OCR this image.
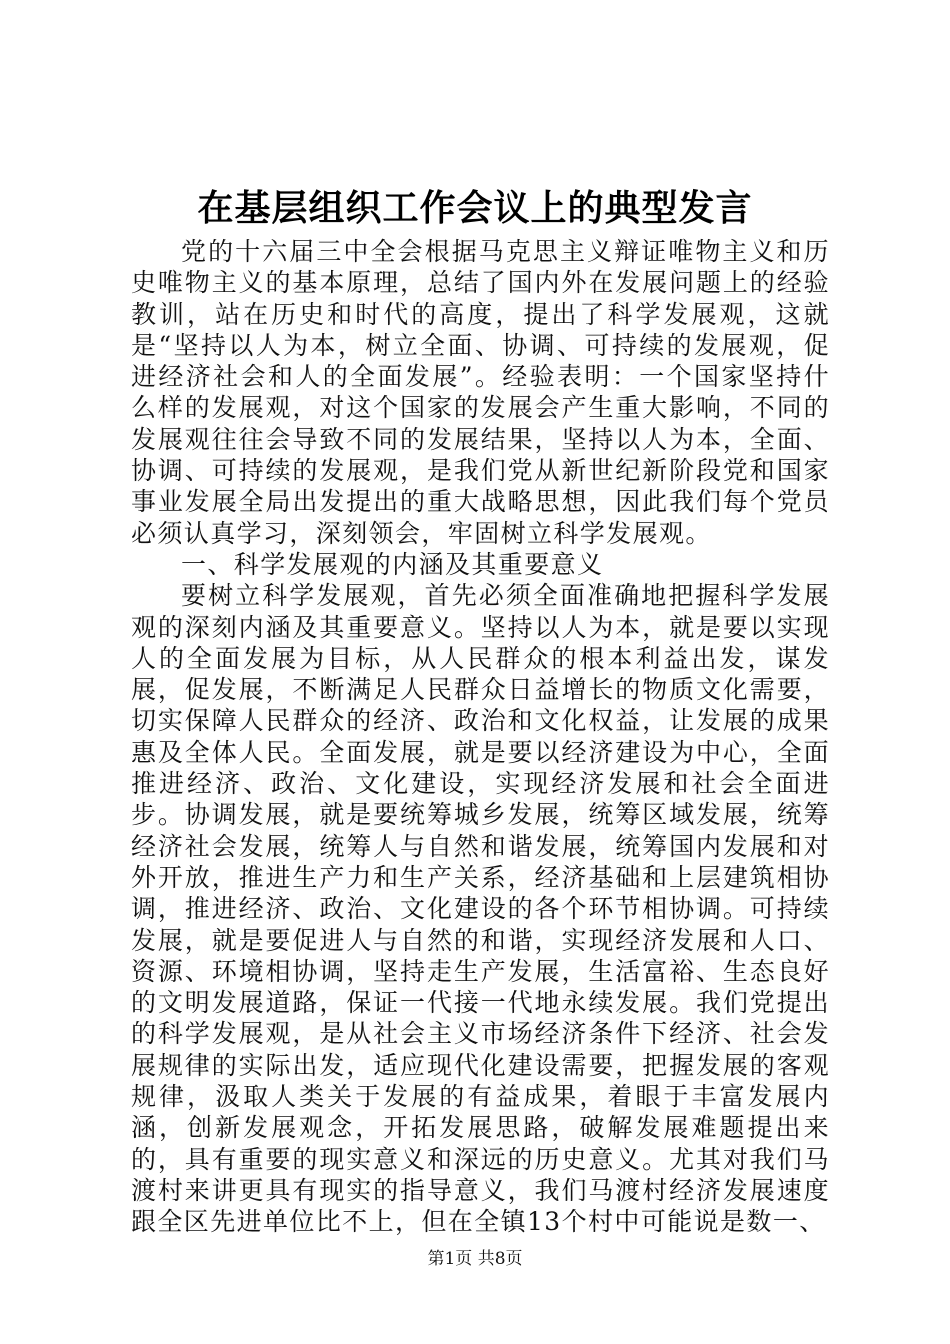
在基层组织工作会议上的典型发言

党的十六届三中全会根据马克思主义辩证唯物主义和历史唯物主义的基本原理，总结了国内外在发展问题上的经验教训，站在历史和时代的高度，提出了科学发展观，这就是“坚持以人为本，树立全面、协调、可持续的发展观，促进经济社会和人的全面发展”。经验表明：一个国家坚持什么样的发展观，对这个国家的发展会产生重大影响，不同的发展观往往会导致不同的发展结果，坚持以人为本，全面、协调、可持续的发展观，是我们党从新世纪新阶段党和国家事业发展全局出发提出的重大战略思想，因此我们每个党员必须认真学习，深刻领会，牢固树立科学发展观。

一、科学发展观的内涵及其重要意义

要树立科学发展观，首先必须全面准确地把握科学发展观的深刻内涵及其重要意义。坚持以人为本，就是要以实现人的全面发展为目标，从人民群众的根本利益出发，谋发展，促发展，不断满足人民群众日益增长的物质文化需要，切实保障人民群众的经济、政治和文化权益，让发展的成果惠及全体人民。全面发展，就是要以经济建设为中心，全面推进经济、政治、文化建设，实现经济发展和社会全面进步。协调发展，就是要统筹城乡发展，统筹区域发展，统筹经济社会发展，统筹人与自然和谐发展，统筹国内发展和对外开放，推进生产力和生产关系，经济基础和上层建筑相协调，推进经济、政治、文化建设的各个环节相协调。可持续发展，就是要促进人与自然的和谐，实现经济发展和人口、资源、环境相协调，坚持走生产发展，生活富裕、生态良好的文明发展道路，保证一代接一代地永续发展。我们党提出的科学发展观，是从社会主义市场经济条件下经济、社会发展规律的实际出发，适应现代化建设需要，把握发展的客观规律，汲取人类关于发展的有益成果，着眼于丰富发展内涵，创新发展观念，开拓发展思路，破解发展难题提出来的，具有重要的现实意义和深远的历史意义。尤其对我们马渡村来讲更具有现实的指导意义，我们马渡村经济发展速度跟全区先进单位比不上，但在全镇13个村中可能说是数一、

第1页 共8页
